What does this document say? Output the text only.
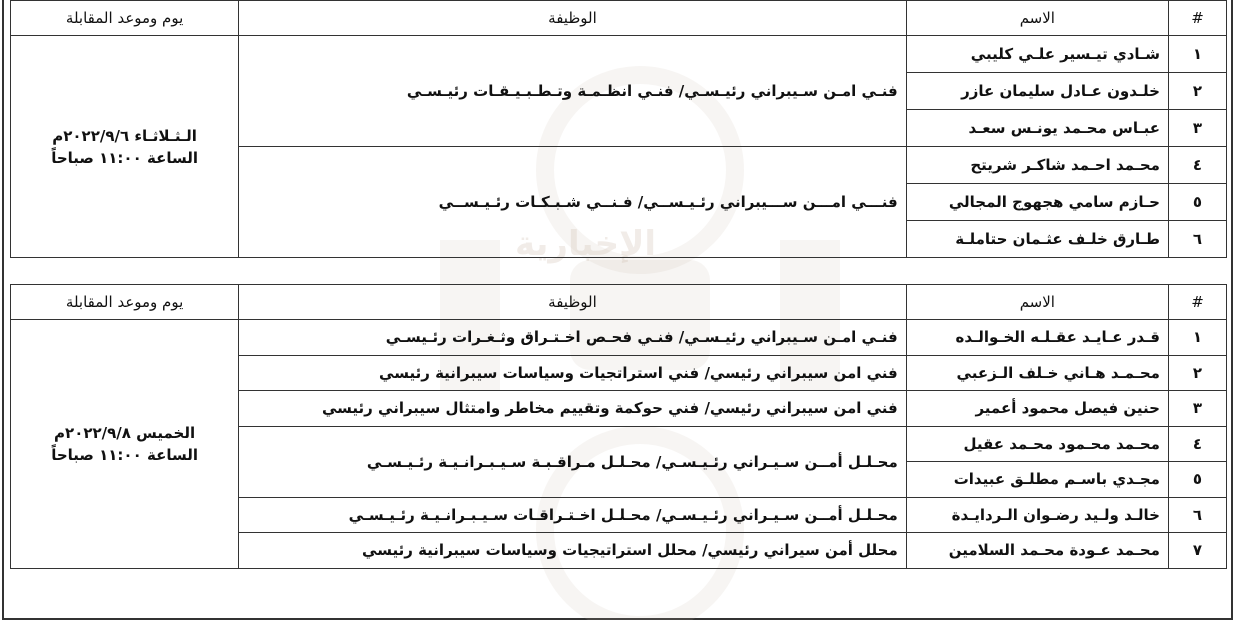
الإخبارية
#	الاسم	الوظيفة	يوم وموعد المقابلة
١	شـادي تيـسير علـي كليبي	فنـي امـن سـيبراني رئيـسـي/ فنـي انظـمـة وتـطـبـيـقـات رئيـسـي	الـثـلاثـاء ٢٠٢٢/٩/٦م
الساعة ١١:٠٠ صباحاً

٢	خلـدون عـادل سليمان عازر		
٣	عبـاس محـمد يونـس سعـد		
٤	محـمد احـمد شاكـر شريتح	فنـــي امـــن ســـيبراني رئـيـســي/ فـنــي شـبـكـات رئـيـســي	

٥	حـازم سامي هجهوج المجالي		
٦	طـارق خلـف عثـمان حتاملـة		
#	الاسم	الوظيفة	يوم وموعد المقابلة
١	قـدر عـايـد عقـلـه الخـوالـده	فنـي امـن سـيبراني رئيـسـي/ فنـي فحـص اخـتـراق وثـغـرات رئـيسـي	الخميس ٢٠٢٢/٩/٨م
الساعة ١١:٠٠ صباحاً

٢	محـمـد هـاني خـلف الـزعبي	فني امن سيبراني رئيسي/ فني استراتجيات وسياسات سيبرانية رئيسي	

٣	حنين فيصل محمود أعمير	فني امن سيبراني رئيسي/ فني حوكمة وتقييم مخاطر وامتثال سيبراني رئيسي	

٤	محـمد محـمود محـمد عقيل	محـلـل أمــن سـيـراني رئـيـسـي/ محـلـل مـراقـبـة سـيـبـرانـيـة رئـيـسـي	

٥	مجـدي باسـم مطلـق عبيدات		
٦	خالـد ولـيد رضـوان الـردايـدة	محـلـل أمــن سـيـراني رئـيـسـي/ محـلـل اخـتـراقـات سـيـبـرانـيـة رئـيـسـي	

٧	محـمد عـودة محـمد السلامين	محلل أمن سيراني رئيسي/ محلل استراتيجيات وسياسات سيبرانية رئيسي	
